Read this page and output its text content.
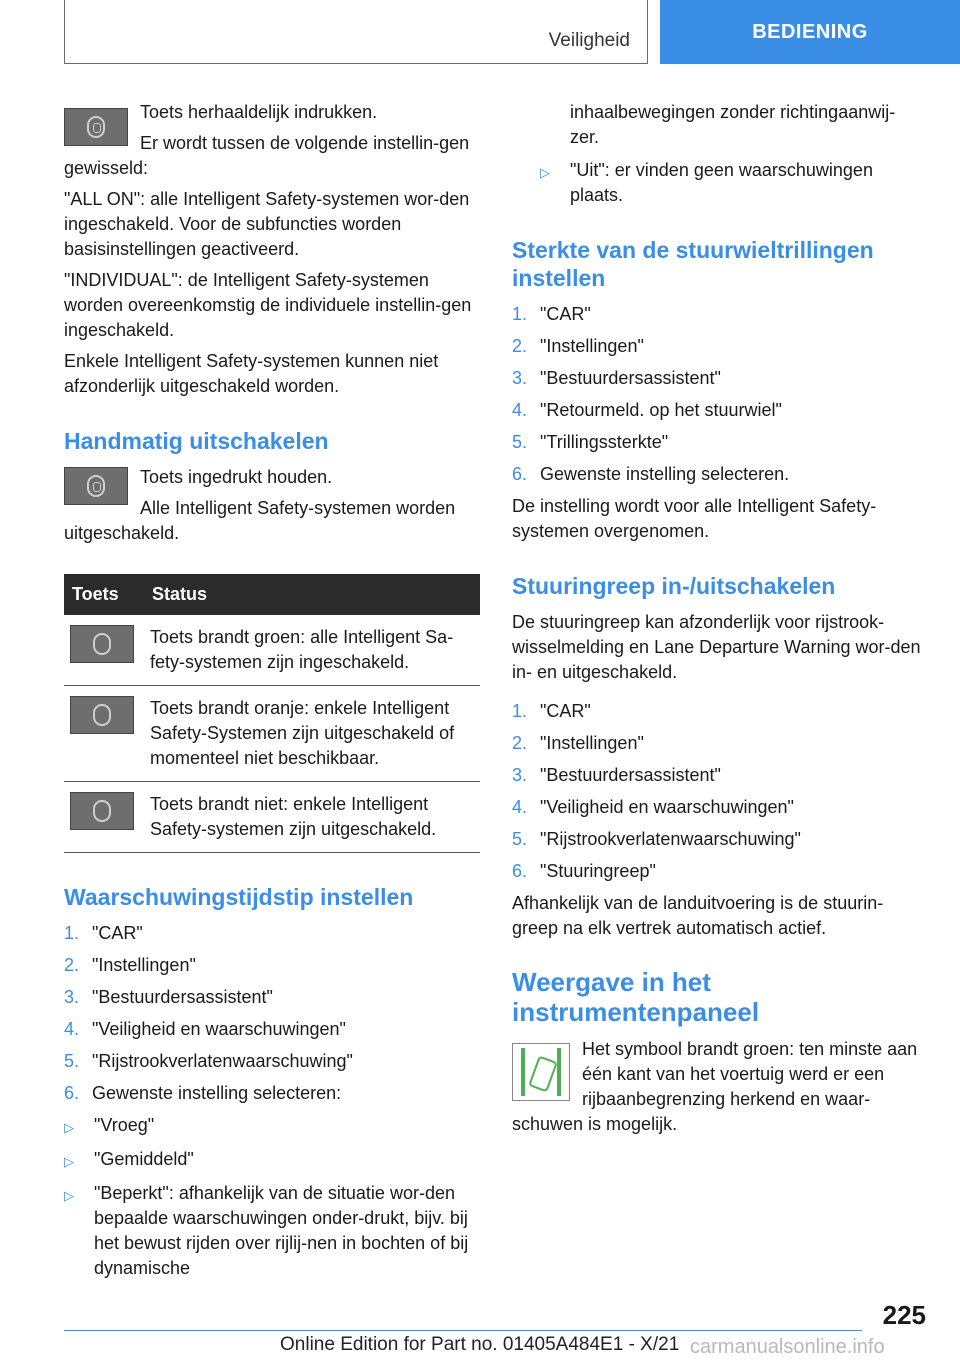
Veiligheid	BEDIENING

Toets herhaaldelijk indrukken.

Er wordt tussen de volgende instellin-gen gewisseld:

"ALL ON": alle Intelligent Safety-systemen wor-den ingeschakeld. Voor de subfuncties worden basisinstellingen geactiveerd.

"INDIVIDUAL": de Intelligent Safety-systemen worden overeenkomstig de individuele instellin-gen ingeschakeld.

Enkele Intelligent Safety-systemen kunnen niet afzonderlijk uitgeschakeld worden.

Handmatig uitschakelen

Toets ingedrukt houden.

Alle Intelligent Safety-systemen worden uitgeschakeld.

Toets	Status

	Toets brandt groen: alle Intelligent Sa-fety-systemen zijn ingeschakeld.

	Toets brandt oranje: enkele Intelligent Safety-Systemen zijn uitgeschakeld of momenteel niet beschikbaar.

	Toets brandt niet: enkele Intelligent Safety-systemen zijn uitgeschakeld.
Waarschuwingstijdstip instellen
1. "CAR"
2. "Instellingen"
3. "Bestuurdersassistent"
4. "Veiligheid en waarschuwingen"
5. "Rijstrookverlatenwaarschuwing"
6. Gewenste instelling selecteren:
▷	"Vroeg"
▷	"Gemiddeld"
▷	"Beperkt": afhankelijk van de situatie wor-den bepaalde waarschuwingen onder-drukt, bijv. bij het bewust rijden over rijlij-nen in bochten of bij dynamische

inhaalbewegingen zonder richtingaanwij-zer.

▷	"Uit": er vinden geen waarschuwingen plaats.
Sterkte van de stuurwieltrillingen instellen
1. "CAR"
2. "Instellingen"
3. "Bestuurdersassistent"
4. "Retourmeld. op het stuurwiel"
5. "Trillingssterkte"
6. Gewenste instelling selecteren.

De instelling wordt voor alle Intelligent Safety-systemen overgenomen.

Stuuringreep in-/uitschakelen

De stuuringreep kan afzonderlijk voor rijstrook-wisselmelding en Lane Departure Warning wor-den in- en uitgeschakeld.

1. "CAR"
2. "Instellingen"
3. "Bestuurdersassistent"
4. "Veiligheid en waarschuwingen"
5. "Rijstrookverlatenwaarschuwing"
6. "Stuuringreep"

Afhankelijk van de landuitvoering is de stuurin-greep na elk vertrek automatisch actief.

Weergave in het instrumentenpaneel

Het symbool brandt groen: ten minste aan één kant van het voertuig werd er een rijbaanbegrenzing herkend en waar-schuwen is mogelijk.

225
Online Edition for Part no. 01405A484E1 - X/21 carmanualsonline.info
